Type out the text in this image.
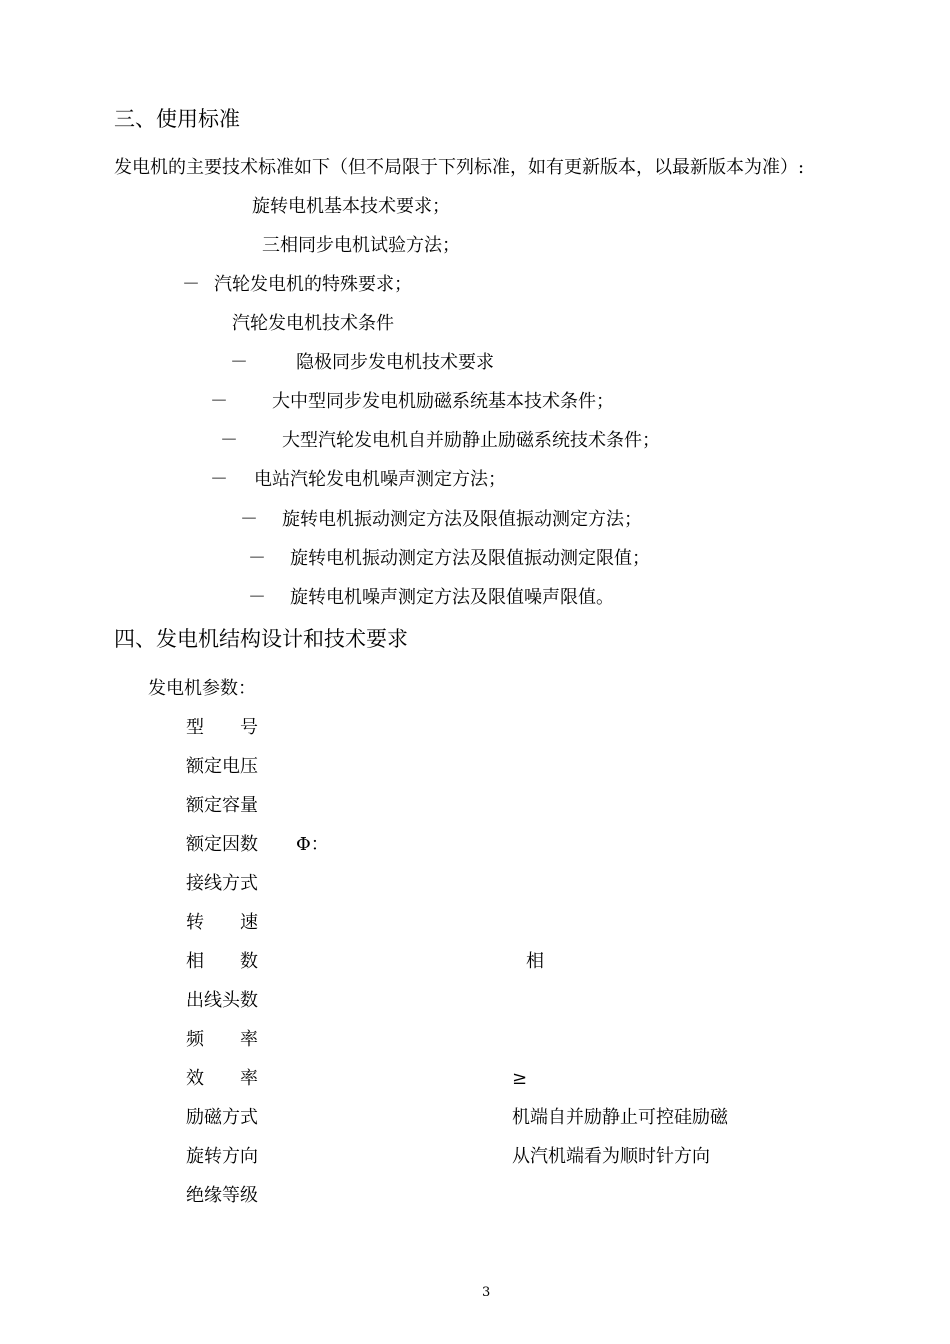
三、使用标准
发电机的主要技术标准如下（但不局限于下列标准，如有更新版本，以最新版本为准）:
旋转电机基本技术要求；
三相同步电机试验方法；
－ 汽轮发电机的特殊要求；
汽轮发电机技术条件
－	隐极同步发电机技术要求
－ 大中型同步发电机励磁系统基本技术条件；
－ 大型汽轮发电机自并励静止励磁系统技术条件；
－ 电站汽轮发电机噪声测定方法；
－ 旋转电机振动测定方法及限值振动测定方法；
－ 旋转电机振动测定方法及限值振动测定限值；
－ 旋转电机噪声测定方法及限值噪声限值。
四、发电机结构设计和技术要求
发电机参数：
型　　号
额定电压
额定容量
额定因数 Φ：
接线方式
转　　速
相　　数	相
出线头数
频　　率
效　　率	≥
励磁方式	机端自并励静止可控硅励磁
旋转方向	从汽机端看为顺时针方向
绝缘等级
3
